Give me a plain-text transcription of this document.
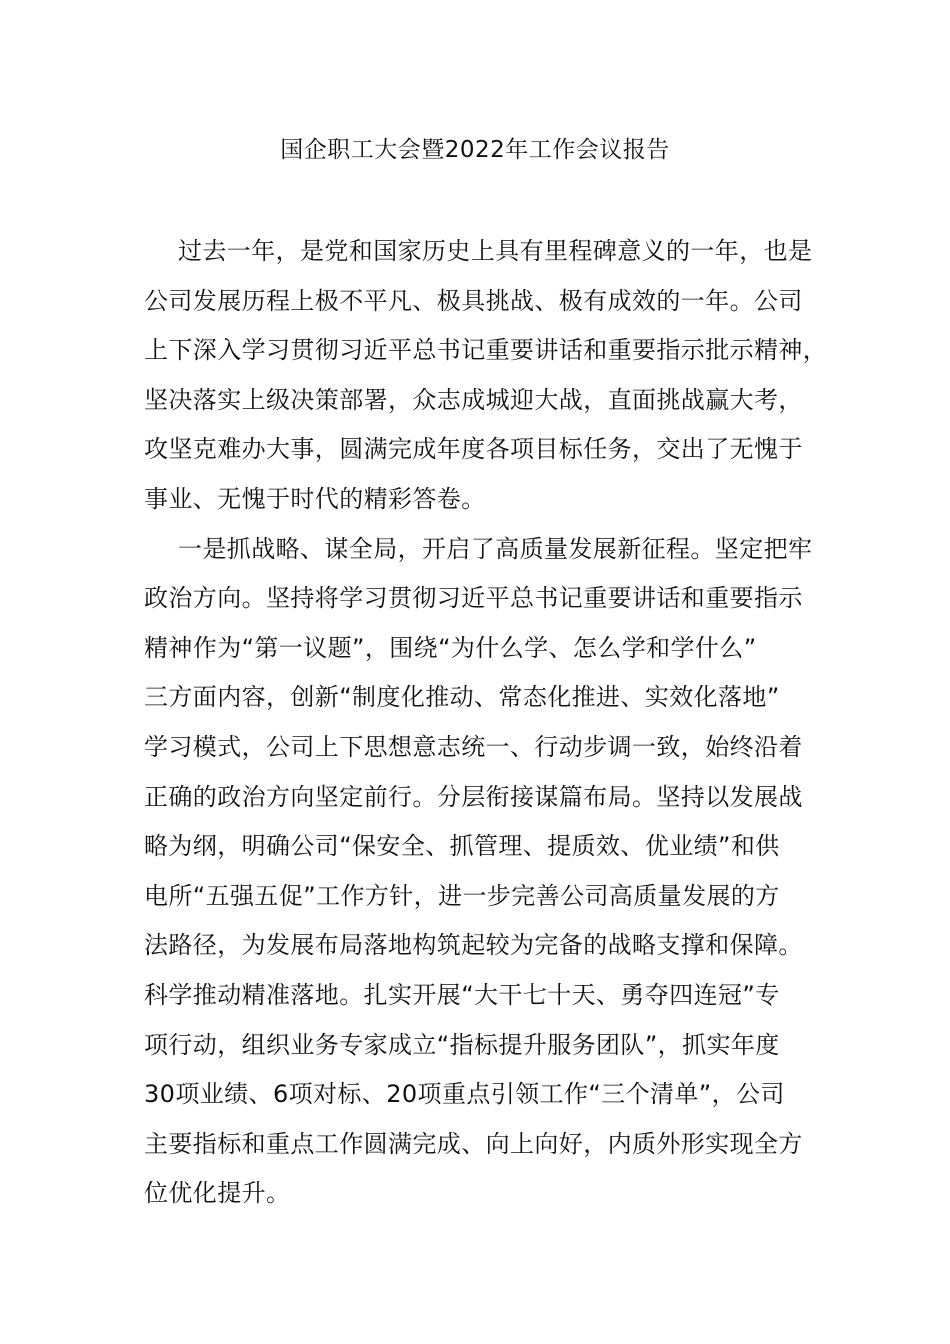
国企职工大会暨2022年工作会议报告

过去一年，是党和国家历史上具有里程碑意义的一年，也是
公司发展历程上极不平凡、极具挑战、极有成效的一年。公司
上下深入学习贯彻习近平总书记重要讲话和重要指示批示精神，
坚决落实上级决策部署，众志成城迎大战，直面挑战赢大考，
攻坚克难办大事，圆满完成年度各项目标任务，交出了无愧于
事业、无愧于时代的精彩答卷。

一是抓战略、谋全局，开启了高质量发展新征程。坚定把牢
政治方向。坚持将学习贯彻习近平总书记重要讲话和重要指示
精神作为“第一议题”，围绕“为什么学、怎么学和学什么”
三方面内容，创新“制度化推动、常态化推进、实效化落地”
学习模式，公司上下思想意志统一、行动步调一致，始终沿着
正确的政治方向坚定前行。分层衔接谋篇布局。坚持以发展战
略为纲，明确公司“保安全、抓管理、提质效、优业绩”和供
电所“五强五促”工作方针，进一步完善公司高质量发展的方
法路径，为发展布局落地构筑起较为完备的战略支撑和保障。
科学推动精准落地。扎实开展“大干七十天、勇夺四连冠”专
项行动，组织业务专家成立“指标提升服务团队”，抓实年度
30项业绩、6项对标、20项重点引领工作“三个清单”，公司
主要指标和重点工作圆满完成、向上向好，内质外形实现全方
位优化提升。
